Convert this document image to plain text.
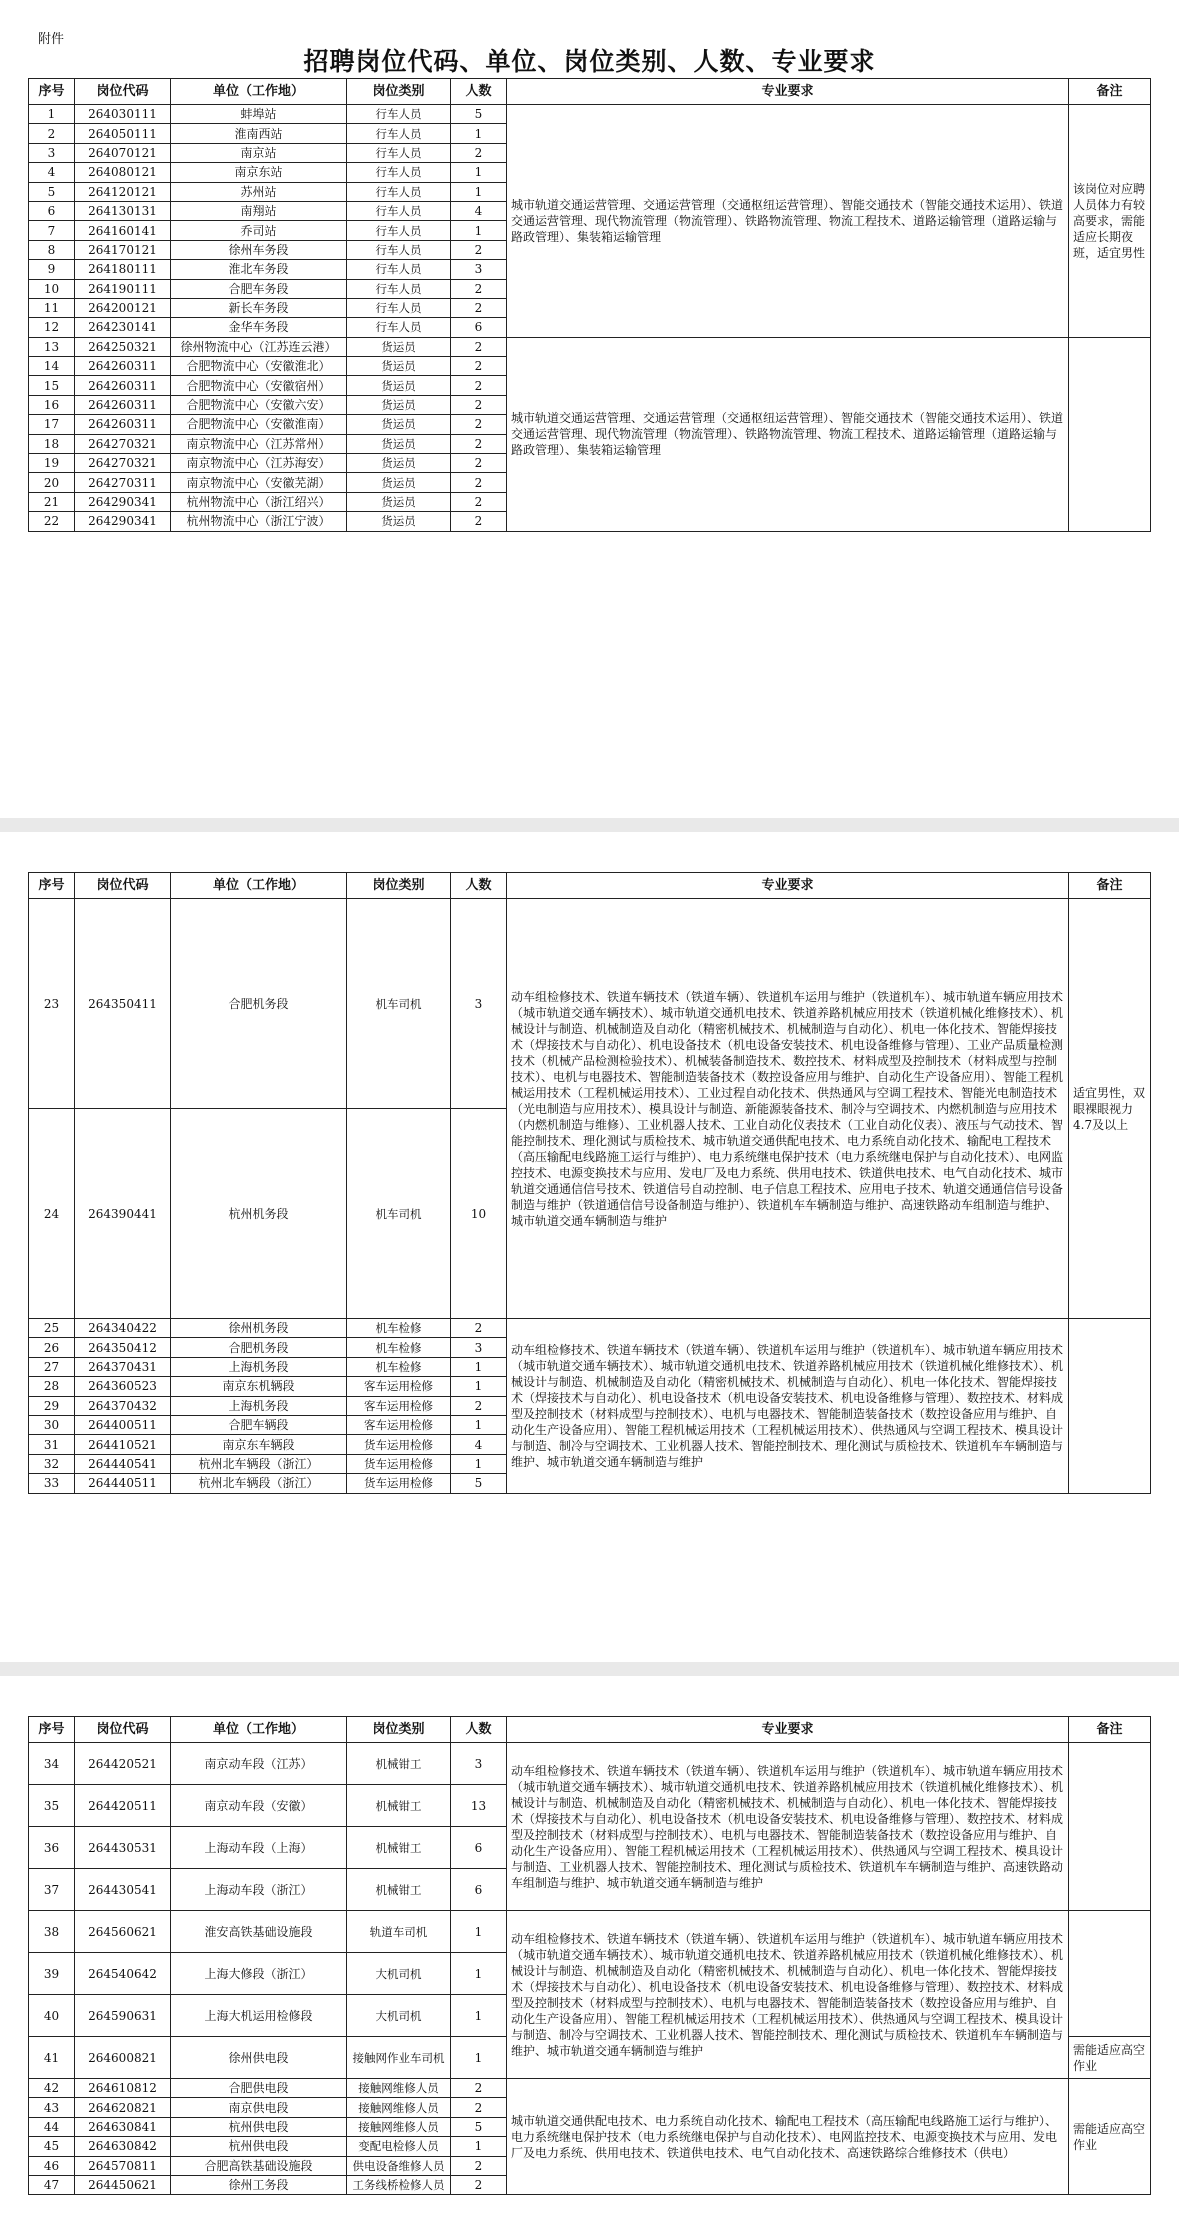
附件
招聘岗位代码、单位、岗位类别、人数、专业要求
序号	岗位代码	单位（工作地）	岗位类别	人数	专业要求	备注
1	264030111	蚌埠站	行车人员	5	城市轨道交通运营管理、交通运营管理（交通枢纽运营管理）、智能交通技术（智能交通技术运用）、铁道交通运营管理、现代物流管理（物流管理）、铁路物流管理、物流工程技术、道路运输管理（道路运输与路政管理）、集装箱运输管理	该岗位对应聘人员体力有较高要求，需能适应长期夜班，适宜男性
2	264050111	淮南西站	行车人员	1		
3	264070121	南京站	行车人员	2		
4	264080121	南京东站	行车人员	1		
5	264120121	苏州站	行车人员	1		
6	264130131	南翔站	行车人员	4		
7	264160141	乔司站	行车人员	1		
8	264170121	徐州车务段	行车人员	2		
9	264180111	淮北车务段	行车人员	3		
10	264190111	合肥车务段	行车人员	2		
11	264200121	新长车务段	行车人员	2		
12	264230141	金华车务段	行车人员	6		
13	264250321	徐州物流中心（江苏连云港）	货运员	2	城市轨道交通运营管理、交通运营管理（交通枢纽运营管理）、智能交通技术（智能交通技术运用）、铁道交通运营管理、现代物流管理（物流管理）、铁路物流管理、物流工程技术、道路运输管理（道路运输与路政管理）、集装箱运输管理	
14	264260311	合肥物流中心（安徽淮北）	货运员	2		
15	264260311	合肥物流中心（安徽宿州）	货运员	2		
16	264260311	合肥物流中心（安徽六安）	货运员	2		
17	264260311	合肥物流中心（安徽淮南）	货运员	2		
18	264270321	南京物流中心（江苏常州）	货运员	2		
19	264270321	南京物流中心（江苏海安）	货运员	2		
20	264270311	南京物流中心（安徽芜湖）	货运员	2		
21	264290341	杭州物流中心（浙江绍兴）	货运员	2		
22	264290341	杭州物流中心（浙江宁波）	货运员	2		
序号	岗位代码	单位（工作地）	岗位类别	人数	专业要求	备注
23	264350411	合肥机务段	机车司机	3	动车组检修技术、铁道车辆技术（铁道车辆）、铁道机车运用与维护（铁道机车）、城市轨道车辆应用技术（城市轨道交通车辆技术）、城市轨道交通机电技术、铁道养路机械应用技术（铁道机械化维修技术）、机械设计与制造、机械制造及自动化（精密机械技术、机械制造与自动化）、机电一体化技术、智能焊接技术（焊接技术与自动化）、机电设备技术（机电设备安装技术、机电设备维修与管理）、工业产品质量检测技术（机械产品检测检验技术）、机械装备制造技术、数控技术、材料成型及控制技术（材料成型与控制技术）、电机与电器技术、智能制造装备技术（数控设备应用与维护、自动化生产设备应用）、智能工程机械运用技术（工程机械运用技术）、工业过程自动化技术、供热通风与空调工程技术、智能光电制造技术（光电制造与应用技术）、模具设计与制造、新能源装备技术、制冷与空调技术、内燃机制造与应用技术（内燃机制造与维修）、工业机器人技术、工业自动化仪表技术（工业自动化仪表）、液压与气动技术、智能控制技术、理化测试与质检技术、城市轨道交通供配电技术、电力系统自动化技术、输配电工程技术（高压输配电线路施工运行与维护）、电力系统继电保护技术（电力系统继电保护与自动化技术）、电网监控技术、电源变换技术与应用、发电厂及电力系统、供用电技术、铁道供电技术、电气自动化技术、城市轨道交通通信信号技术、铁道信号自动控制、电子信息工程技术、应用电子技术、轨道交通通信信号设备制造与维护（铁道通信信号设备制造与维护）、铁道机车车辆制造与维护、高速铁路动车组制造与维护、城市轨道交通车辆制造与维护	适宜男性，双眼裸眼视力4.7及以上
24	264390441	杭州机务段	机车司机	10		
25	264340422	徐州机务段	机车检修	2	动车组检修技术、铁道车辆技术（铁道车辆）、铁道机车运用与维护（铁道机车）、城市轨道车辆应用技术（城市轨道交通车辆技术）、城市轨道交通机电技术、铁道养路机械应用技术（铁道机械化维修技术）、机械设计与制造、机械制造及自动化（精密机械技术、机械制造与自动化）、机电一体化技术、智能焊接技术（焊接技术与自动化）、机电设备技术（机电设备安装技术、机电设备维修与管理）、数控技术、材料成型及控制技术（材料成型与控制技术）、电机与电器技术、智能制造装备技术（数控设备应用与维护、自动化生产设备应用）、智能工程机械运用技术（工程机械运用技术）、供热通风与空调工程技术、模具设计与制造、制冷与空调技术、工业机器人技术、智能控制技术、理化测试与质检技术、铁道机车车辆制造与维护、城市轨道交通车辆制造与维护	
26	264350412	合肥机务段	机车检修	3		
27	264370431	上海机务段	机车检修	1		
28	264360523	南京东机辆段	客车运用检修	1		
29	264370432	上海机务段	客车运用检修	2		
30	264400511	合肥车辆段	客车运用检修	1		
31	264410521	南京东车辆段	货车运用检修	4		
32	264440541	杭州北车辆段（浙江）	货车运用检修	1		
33	264440511	杭州北车辆段（浙江）	货车运用检修	5		
序号	岗位代码	单位（工作地）	岗位类别	人数	专业要求	备注
34	264420521	南京动车段（江苏）	机械钳工	3	动车组检修技术、铁道车辆技术（铁道车辆）、铁道机车运用与维护（铁道机车）、城市轨道车辆应用技术（城市轨道交通车辆技术）、城市轨道交通机电技术、铁道养路机械应用技术（铁道机械化维修技术）、机械设计与制造、机械制造及自动化（精密机械技术、机械制造与自动化）、机电一体化技术、智能焊接技术（焊接技术与自动化）、机电设备技术（机电设备安装技术、机电设备维修与管理）、数控技术、材料成型及控制技术（材料成型与控制技术）、电机与电器技术、智能制造装备技术（数控设备应用与维护、自动化生产设备应用）、智能工程机械运用技术（工程机械运用技术）、供热通风与空调工程技术、模具设计与制造、工业机器人技术、智能控制技术、理化测试与质检技术、铁道机车车辆制造与维护、高速铁路动车组制造与维护、城市轨道交通车辆制造与维护	
35	264420511	南京动车段（安徽）	机械钳工	13		
36	264430531	上海动车段（上海）	机械钳工	6		
37	264430541	上海动车段（浙江）	机械钳工	6		
38	264560621	淮安高铁基础设施段	轨道车司机	1	动车组检修技术、铁道车辆技术（铁道车辆）、铁道机车运用与维护（铁道机车）、城市轨道车辆应用技术（城市轨道交通车辆技术）、城市轨道交通机电技术、铁道养路机械应用技术（铁道机械化维修技术）、机械设计与制造、机械制造及自动化（精密机械技术、机械制造与自动化）、机电一体化技术、智能焊接技术（焊接技术与自动化）、机电设备技术（机电设备安装技术、机电设备维修与管理）、数控技术、材料成型及控制技术（材料成型与控制技术）、电机与电器技术、智能制造装备技术（数控设备应用与维护、自动化生产设备应用）、智能工程机械运用技术（工程机械运用技术）、供热通风与空调工程技术、模具设计与制造、制冷与空调技术、工业机器人技术、智能控制技术、理化测试与质检技术、铁道机车车辆制造与维护、城市轨道交通车辆制造与维护	
39	264540642	上海大修段（浙江）	大机司机	1		
40	264590631	上海大机运用检修段	大机司机	1		
41	264600821	徐州供电段	接触网作业车司机	1		需能适应高空作业
42	264610812	合肥供电段	接触网维修人员	2	城市轨道交通供配电技术、电力系统自动化技术、输配电工程技术（高压输配电线路施工运行与维护）、电力系统继电保护技术（电力系统继电保护与自动化技术）、电网监控技术、电源变换技术与应用、发电厂及电力系统、供用电技术、铁道供电技术、电气自动化技术、高速铁路综合维修技术（供电）	需能适应高空作业
43	264620821	南京供电段	接触网维修人员	2		
44	264630841	杭州供电段	接触网维修人员	5		
45	264630842	杭州供电段	变配电检修人员	1		
46	264570811	合肥高铁基础设施段	供电设备维修人员	2		
47	264450621	徐州工务段	工务线桥检修人员	2		
